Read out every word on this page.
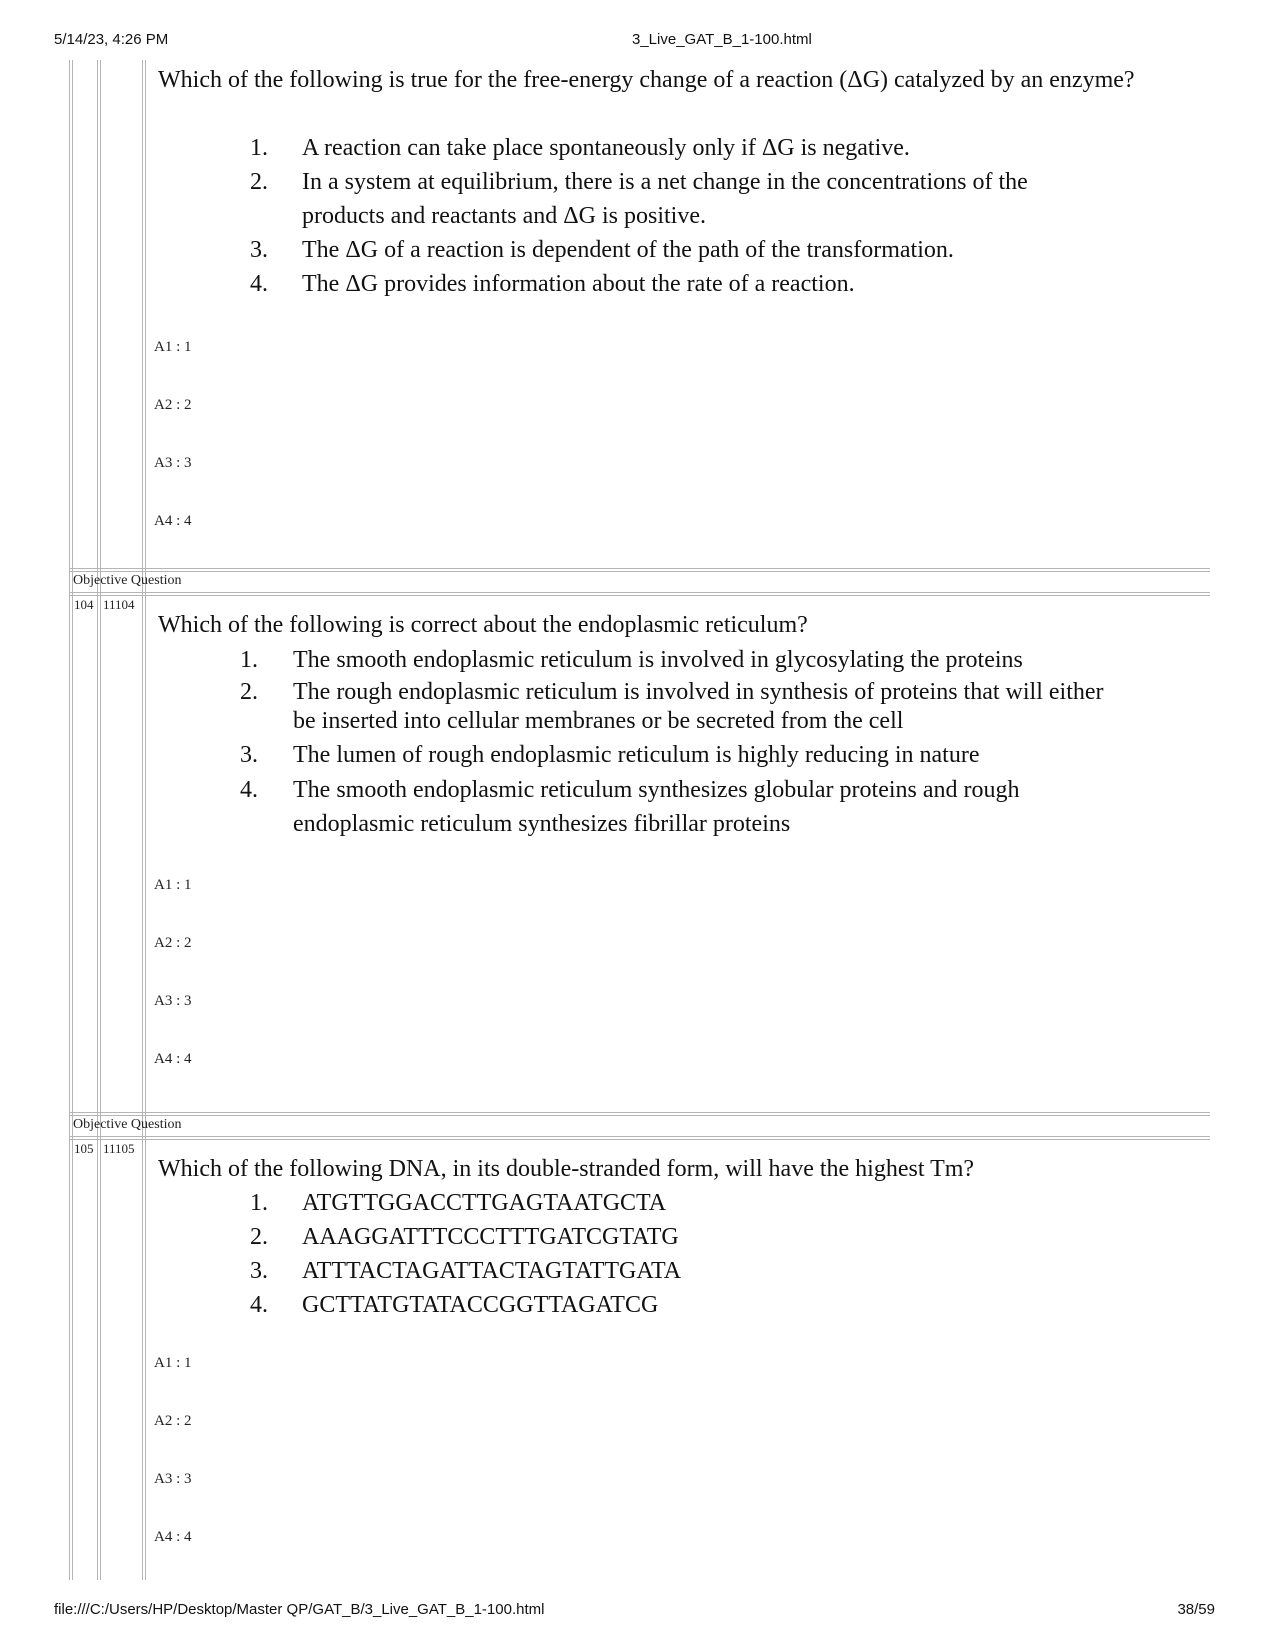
5/14/23, 4:26 PM	3_Live_GAT_B_1-100.html
file:///C:/Users/HP/Desktop/Master QP/GAT_B/3_Live_GAT_B_1-100.html	38/59
Which of the following is true for the free-energy change of a reaction (ΔG) catalyzed by an enzyme?
1. A reaction can take place spontaneously only if ΔG is negative.
2. In a system at equilibrium, there is a net change in the concentrations of the products and reactants and ΔG is positive.
3. The ΔG of a reaction is dependent of the path of the transformation.
4. The ΔG provides information about the rate of a reaction.
A1 : 1
A2 : 2
A3 : 3
A4 : 4
Objective Question
104 11104
Which of the following is correct about the endoplasmic reticulum?
1. The smooth endoplasmic reticulum is involved in glycosylating the proteins
2. The rough endoplasmic reticulum is involved in synthesis of proteins that will either be inserted into cellular membranes or be secreted from the cell
3. The lumen of rough endoplasmic reticulum is highly reducing in nature
4. The smooth endoplasmic reticulum synthesizes globular proteins and rough endoplasmic reticulum synthesizes fibrillar proteins
A1 : 1
A2 : 2
A3 : 3
A4 : 4
Objective Question
105 11105
Which of the following DNA, in its double-stranded form, will have the highest Tm?
1. ATGTTGGACCTTGAGTAATGCTA
2. AAAGGATTTCCCTTTGATCGTATG
3. ATTTACTAGATTACTAGTATTGATA
4. GCTTATGTATACCGGTTAGATCG
A1 : 1
A2 : 2
A3 : 3
A4 : 4
